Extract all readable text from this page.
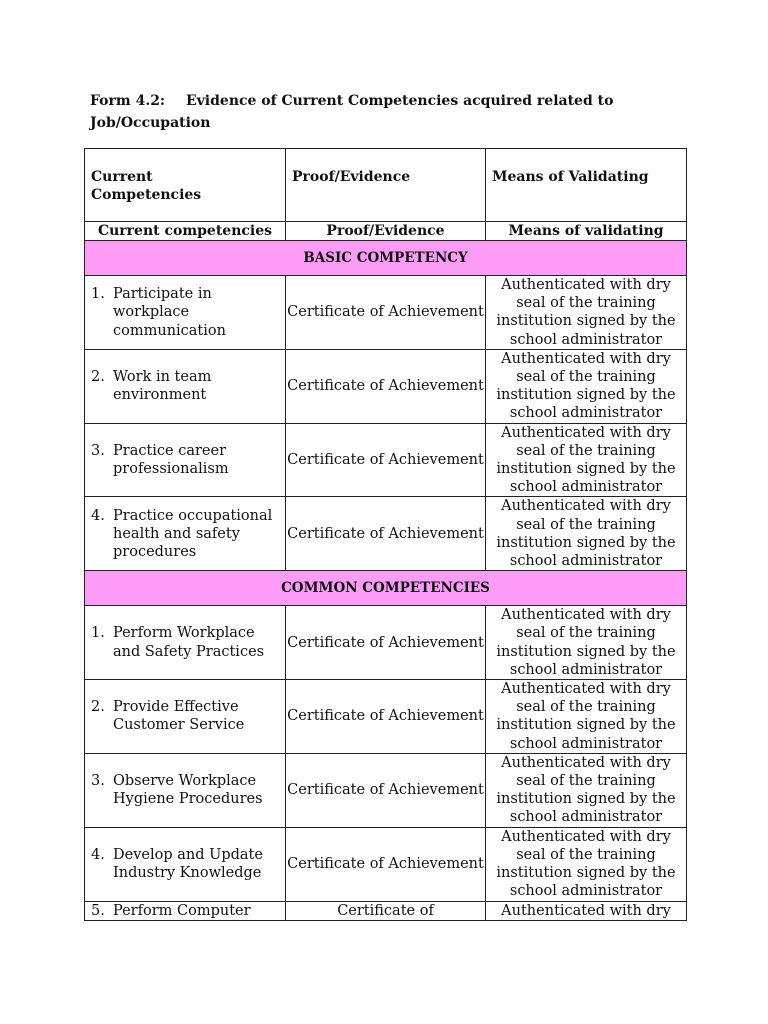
Form 4.2: Evidence of Current Competencies acquired related to
Job/Occupation
Current Competencies	Proof/Evidence	Means of Validating

Current competencies	Proof/Evidence	Means of validating
BASIC COMPETENCY		

1. Participate in workplace communication	Certificate of Achievement	Authenticated with dry seal of the training institution signed by the school administrator

2. Work in team environment	Certificate of Achievement	Authenticated with dry seal of the training institution signed by the school administrator

3. Practice career professionalism	Certificate of Achievement	Authenticated with dry seal of the training institution signed by the school administrator

4. Practice occupational health and safety procedures	Certificate of Achievement	Authenticated with dry seal of the training institution signed by the school administrator
COMMON COMPETENCIES		

1. Perform Workplace and Safety Practices	Certificate of Achievement	Authenticated with dry seal of the training institution signed by the school administrator

2. Provide Effective Customer Service	Certificate of Achievement	Authenticated with dry seal of the training institution signed by the school administrator

3. Observe Workplace Hygiene Procedures	Certificate of Achievement	Authenticated with dry seal of the training institution signed by the school administrator

4. Develop and Update Industry Knowledge	Certificate of Achievement	Authenticated with dry seal of the training institution signed by the school administrator

5. Perform Computer	Certificate of	Authenticated with dry
